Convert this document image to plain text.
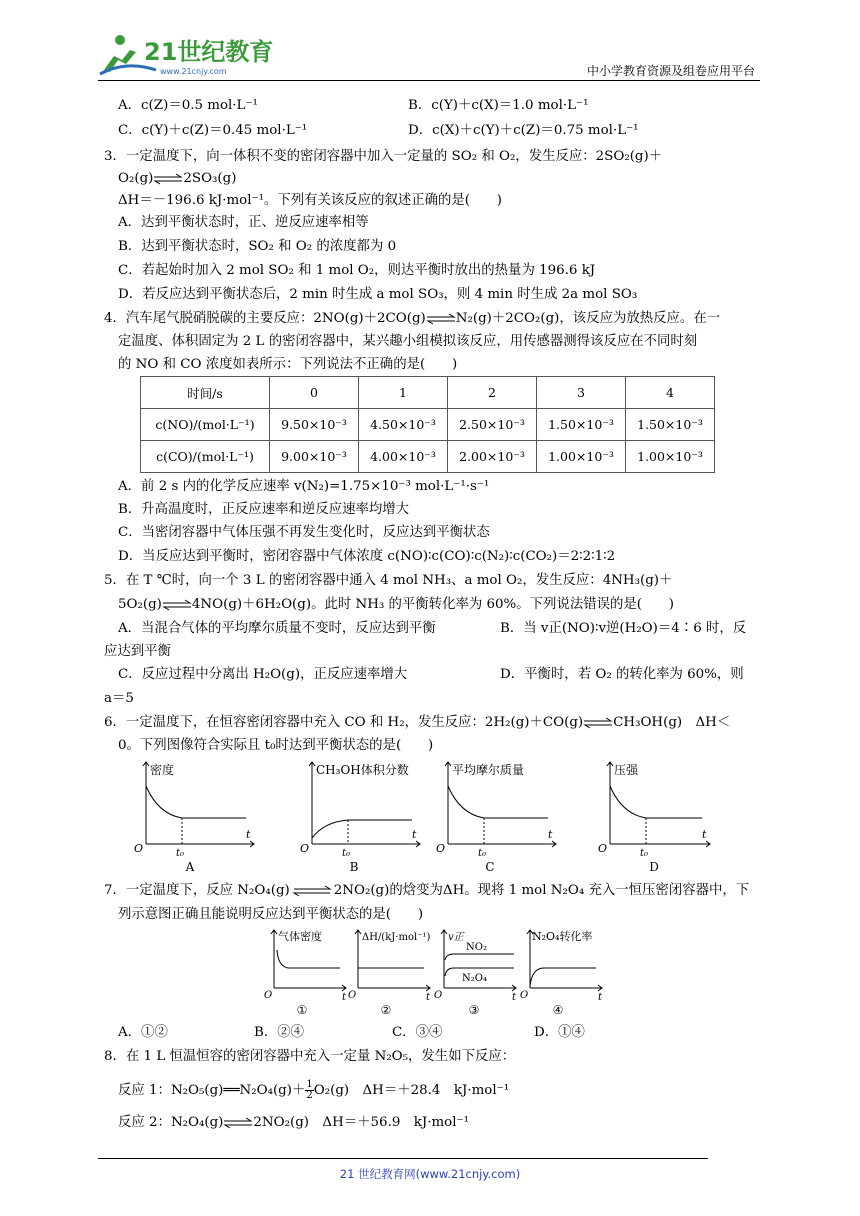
21世纪教育
www.21cnjy.com	中小学教育资源及组卷应用平台
A．c(Z)＝0.5 mol·L⁻¹	B．c(Y)＋c(X)＝1.0 mol·L⁻¹
C．c(Y)＋c(Z)＝0.45 mol·L⁻¹	D．c(X)＋c(Y)＋c(Z)＝0.75 mol·L⁻¹
3．一定温度下，向一体积不变的密闭容器中加入一定量的 SO₂ 和 O₂，发生反应：2SO₂(g)＋
O₂(g)⇌2SO₃(g)
ΔH＝－196.6 kJ·mol⁻¹。下列有关该反应的叙述正确的是(　　)
A．达到平衡状态时，正、逆反应速率相等
B．达到平衡状态时，SO₂ 和 O₂ 的浓度都为 0
C．若起始时加入 2 mol SO₂ 和 1 mol O₂，则达平衡时放出的热量为 196.6 kJ
D．若反应达到平衡状态后，2 min 时生成 a mol SO₃，则 4 min 时生成 2a mol SO₃
4．汽车尾气脱硝脱碳的主要反应：2NO(g)＋2CO(g)⇌N₂(g)＋2CO₂(g)，该反应为放热反应。在一
定温度、体积固定为 2 L 的密闭容器中，某兴趣小组模拟该反应，用传感器测得该反应在不同时刻
的 NO 和 CO 浓度如表所示：下列说法不正确的是(　　)
时间/s	0	1	2	3	4
c(NO)/(mol·L⁻¹)	9.50×10⁻³	4.50×10⁻³	2.50×10⁻³	1.50×10⁻³	1.50×10⁻³
c(CO)/(mol·L⁻¹)	9.00×10⁻³	4.00×10⁻³	2.00×10⁻³	1.00×10⁻³	1.00×10⁻³
A．前 2 s 内的化学反应速率 v(N₂)=1.75×10⁻³ mol·L⁻¹·s⁻¹
B．升高温度时，正反应速率和逆反应速率均增大
C．当密闭容器中气体压强不再发生变化时，反应达到平衡状态
D．当反应达到平衡时，密闭容器中气体浓度 c(NO)∶c(CO)∶c(N₂)∶c(CO₂)＝2∶2∶1∶2
5．在 T ℃时，向一个 3 L 的密闭容器中通入 4 mol NH₃、a mol O₂，发生反应：4NH₃(g)＋
5O₂(g)⇌4NO(g)＋6H₂O(g)。此时 NH₃ 的平衡转化率为 60%。下列说法错误的是(　　)
A．当混合气体的平均摩尔质量不变时，反应达到平衡	B．当 v正(NO)∶v逆(H₂O)＝4∶6 时，反
应达到平衡
C．反应过程中分离出 H₂O(g)，正反应速率增大	D．平衡时，若 O₂ 的转化率为 60%，则
a＝5
6．一定温度下，在恒容密闭容器中充入 CO 和 H₂，发生反应：2H₂(g)＋CO(g)⇌CH₃OH(g)　ΔH＜
0。下列图像符合实际且 t₀时达到平衡状态的是(　　)
密度
O	t₀
t
CH₃OH体积分数
O	t₀
t
平均摩尔质量
O	t₀
t
压强
O	t₀
t
A	B	C	D
7．一定温度下，反应 N₂O₄(g)⇌2NO₂(g)的焓变为ΔH。现将 1 mol N₂O₄ 充入一恒压密闭容器中，下
列示意图正确且能说明反应达到平衡状态的是(　　)
气体密度
O	t
ΔH/(kJ·mol⁻¹)
O	t
v正
NO₂
N₂O₄
O	t
N₂O₄转化率
O	t
①	②	③	④
A．①②	B．②④	C．③④	D．①④
8．在 1 L 恒温恒容的密闭容器中充入一定量 N₂O₅，发生如下反应：
反应 1：N₂O₅(g)══N₂O₄(g)＋ $\frac{1}{2} O_2(g)$　ΔH＝＋28.4　kJ·mol⁻¹
反应 2：N₂O₄(g)⇌2NO₂(g)　ΔH＝＋56.9　kJ·mol⁻¹
21 世纪教育网(www.21cnjy.com)
